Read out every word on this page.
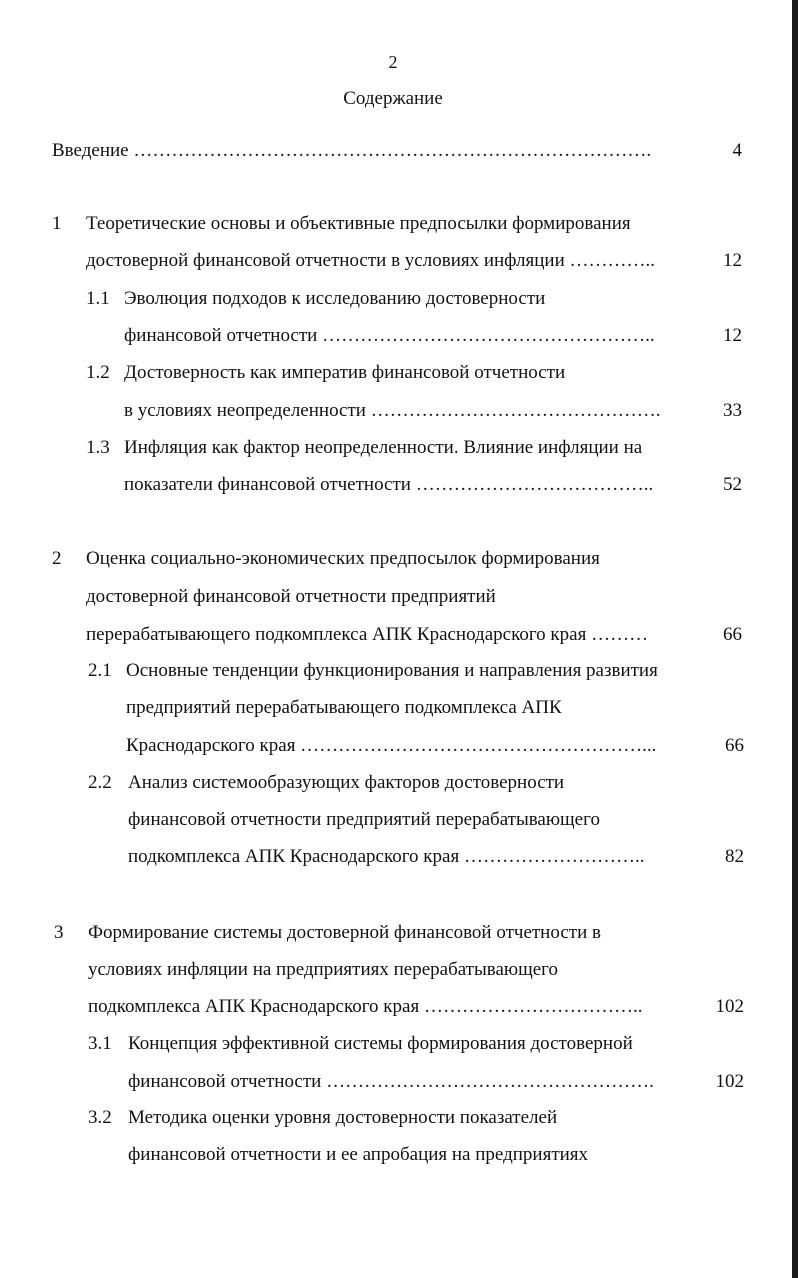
2
Содержание
Введение ……………………………………………………………………….	4
1 Теоретические основы и объективные предпосылки формирования
достоверной финансовой отчетности в условиях инфляции …………..	12
1.1 Эволюция подходов к исследованию достоверности
финансовой отчетности ……………………………………………..	12
1.2 Достоверность как императив финансовой отчетности
в условиях неопределенности ……………………………………….	33
1.3 Инфляция как фактор неопределенности. Влияние инфляции на
показатели финансовой отчетности ………………………………..	52
2 Оценка социально-экономических предпосылок формирования
достоверной финансовой отчетности предприятий
перерабатывающего подкомплекса АПК Краснодарского края ………	66
2.1 Основные тенденции функционирования и направления развития
предприятий перерабатывающего подкомплекса АПК
Краснодарского края ………………………………………………...	66
2.2 Анализ системообразующих факторов достоверности
финансовой отчетности предприятий перерабатывающего
подкомплекса АПК Краснодарского края ………………………..	82
3 Формирование системы достоверной финансовой отчетности в
условиях инфляции на предприятиях перерабатывающего
подкомплекса АПК Краснодарского края ……………………………..	102
3.1 Концепция эффективной системы формирования достоверной
финансовой отчетности …………………………………………….	102
3.2 Методика оценки уровня достоверности показателей
финансовой отчетности и ее апробация на предприятиях
